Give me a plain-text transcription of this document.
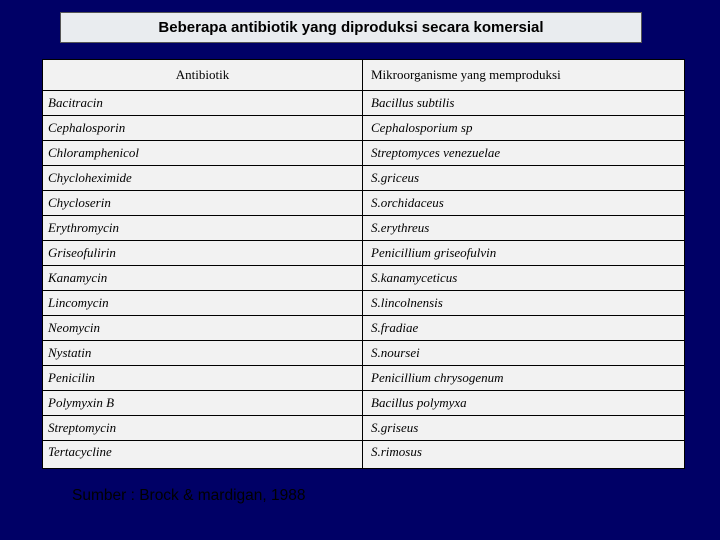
Beberapa antibiotik yang diproduksi secara komersial
Antibiotik	Mikroorganisme yang memproduksi
Bacitracin	Bacillus subtilis
Cephalosporin	Cephalosporium sp
Chloramphenicol	Streptomyces venezuelae
Chycloheximide	S.griceus
Chycloserin	S.orchidaceus
Erythromycin	S.erythreus
Griseofulirin	Penicillium griseofulvin
Kanamycin	S.kanamyceticus
Lincomycin	S.lincolnensis
Neomycin	S.fradiae
Nystatin	S.noursei
Penicilin	Penicillium chrysogenum
Polymyxin B	Bacillus polymyxa
Streptomycin	S.griseus
Tertacycline	S.rimosus
Sumber : Brock & mardigan, 1988
